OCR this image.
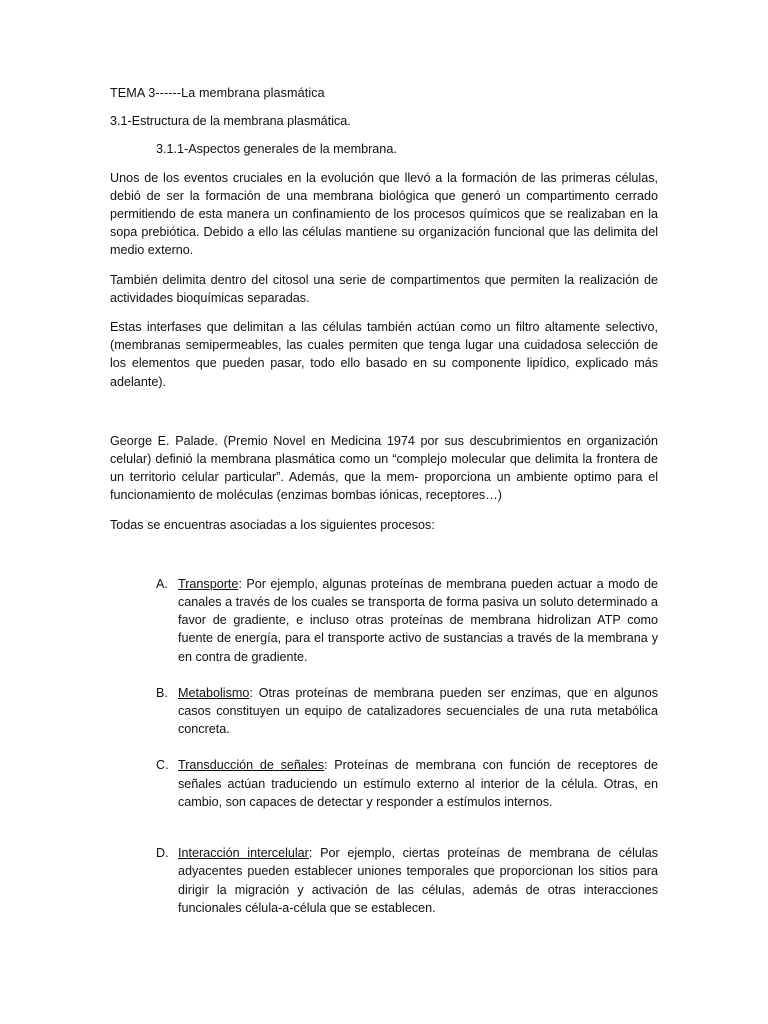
TEMA 3------La membrana plasmática

3.1-Estructura de la membrana plasmática.

3.1.1-Aspectos generales de la membrana.

Unos de los eventos cruciales en la evolución que llevó a la formación de las primeras células, debió de ser la formación de una membrana biológica que generó un compartimento cerrado permitiendo de esta manera un confinamiento de los procesos químicos que se realizaban en la sopa prebiótica. Debido a ello las células mantiene su organización funcional que las delimita del medio externo.

También delimita dentro del citosol una serie de compartimentos que permiten la realización de actividades bioquímicas separadas.

Estas interfases que delimitan a las células también actúan como un filtro altamente selectivo, (membranas semipermeables, las cuales permiten que tenga lugar una cuidadosa selección de los elementos que pueden pasar, todo ello basado en su componente lipídico, explicado más adelante).

George E. Palade. (Premio Novel en Medicina 1974 por sus descubrimientos en organización celular) definió la membrana plasmática como un “complejo molecular que delimita la frontera de un territorio celular particular”. Además, que la mem- proporciona un ambiente optimo para el funcionamiento de moléculas (enzimas bombas iónicas, receptores…)

Todas se encuentras asociadas a los siguientes procesos:

A. Transporte: Por ejemplo, algunas proteínas de membrana pueden actuar a modo de canales a través de los cuales se transporta de forma pasiva un soluto determinado a favor de gradiente, e incluso otras proteínas de membrana hidrolizan ATP como fuente de energía, para el transporte activo de sustancias a través de la membrana y en contra de gradiente.
B. Metabolismo: Otras proteínas de membrana pueden ser enzimas, que en algunos casos constituyen un equipo de catalizadores secuenciales de una ruta metabólica concreta.
C. Transducción de señales: Proteínas de membrana con función de receptores de señales actúan traduciendo un estímulo externo al interior de la célula. Otras, en cambio, son capaces de detectar y responder a estímulos internos.
D. Interacción intercelular: Por ejemplo, ciertas proteínas de membrana de células adyacentes pueden establecer uniones temporales que proporcionan los sitios para dirigir la migración y activación de las células, además de otras interacciones funcionales célula-a-célula que se establecen.
